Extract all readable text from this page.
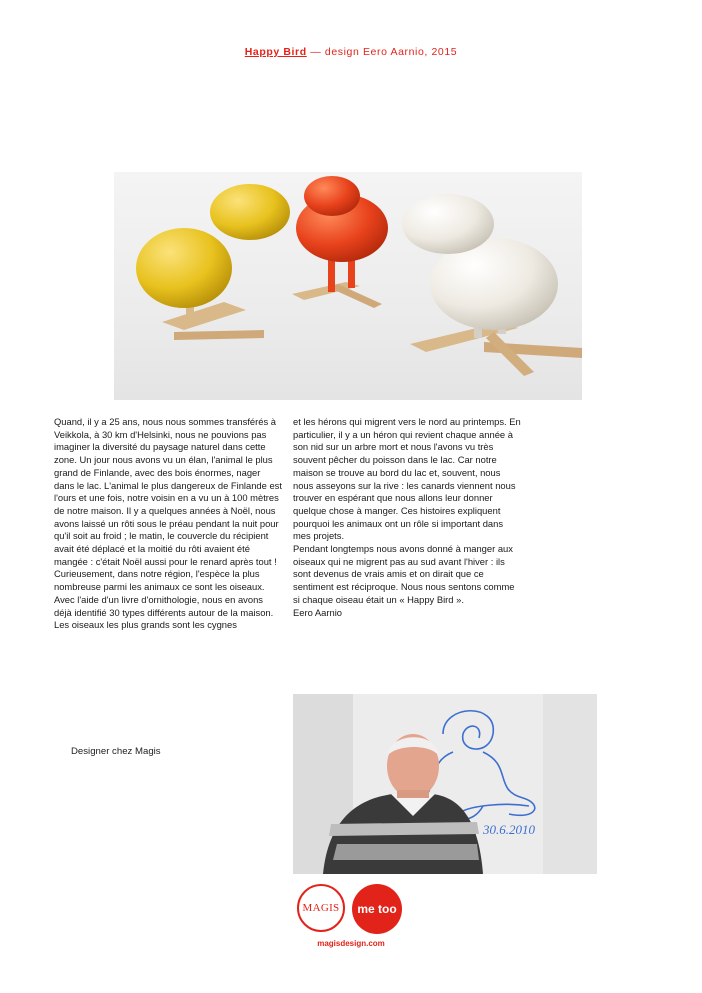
Happy Bird — design Eero Aarnio, 2015

Quand, il y a 25 ans, nous nous sommes transférés à Veikkola, à 30 km d'Helsinki, nous ne pouvions pas imaginer la diversité du paysage naturel dans cette zone. Un jour nous avons vu un élan, l'animal le plus grand de Finlande, avec des bois énormes, nager dans le lac. L'animal le plus dangereux de Finlande est l'ours et une fois, notre voisin en a vu un à 100 mètres de notre maison. Il y a quelques années à Noël, nous avons laissé un rôti sous le préau pendant la nuit pour qu'il soit au froid ; le matin, le couvercle du récipient avait été déplacé et la moitié du rôti avaient été mangée : c'était Noël aussi pour le renard après tout ! Curieusement, dans notre région, l'espèce la plus nombreuse parmi les animaux ce sont les oiseaux. Avec l'aide d'un livre d'ornithologie, nous en avons déjà identifié 30 types différents autour de la maison. Les oiseaux les plus grands sont les cygnes

et les hérons qui migrent vers le nord au printemps. En particulier, il y a un héron qui revient chaque année à son nid sur un arbre mort et nous l'avons vu très souvent pêcher du poisson dans le lac. Car notre maison se trouve au bord du lac et, souvent, nous nous asseyons sur la rive : les canards viennent nous trouver en espérant que nous allons leur donner quelque chose à manger. Ces histoires expliquent pourquoi les animaux ont un rôle si important dans mes projets.

Pendant longtemps nous avons donné à manger aux oiseaux qui ne migrent pas au sud avant l'hiver : ils sont devenus de vrais amis et on dirait que ce sentiment est réciproque. Nous nous sentons comme si chaque oiseau était un « Happy Bird ».

Eero Aarnio

Designer chez Magis
30.6.2010
MAGIS	me too
magisdesign.com
